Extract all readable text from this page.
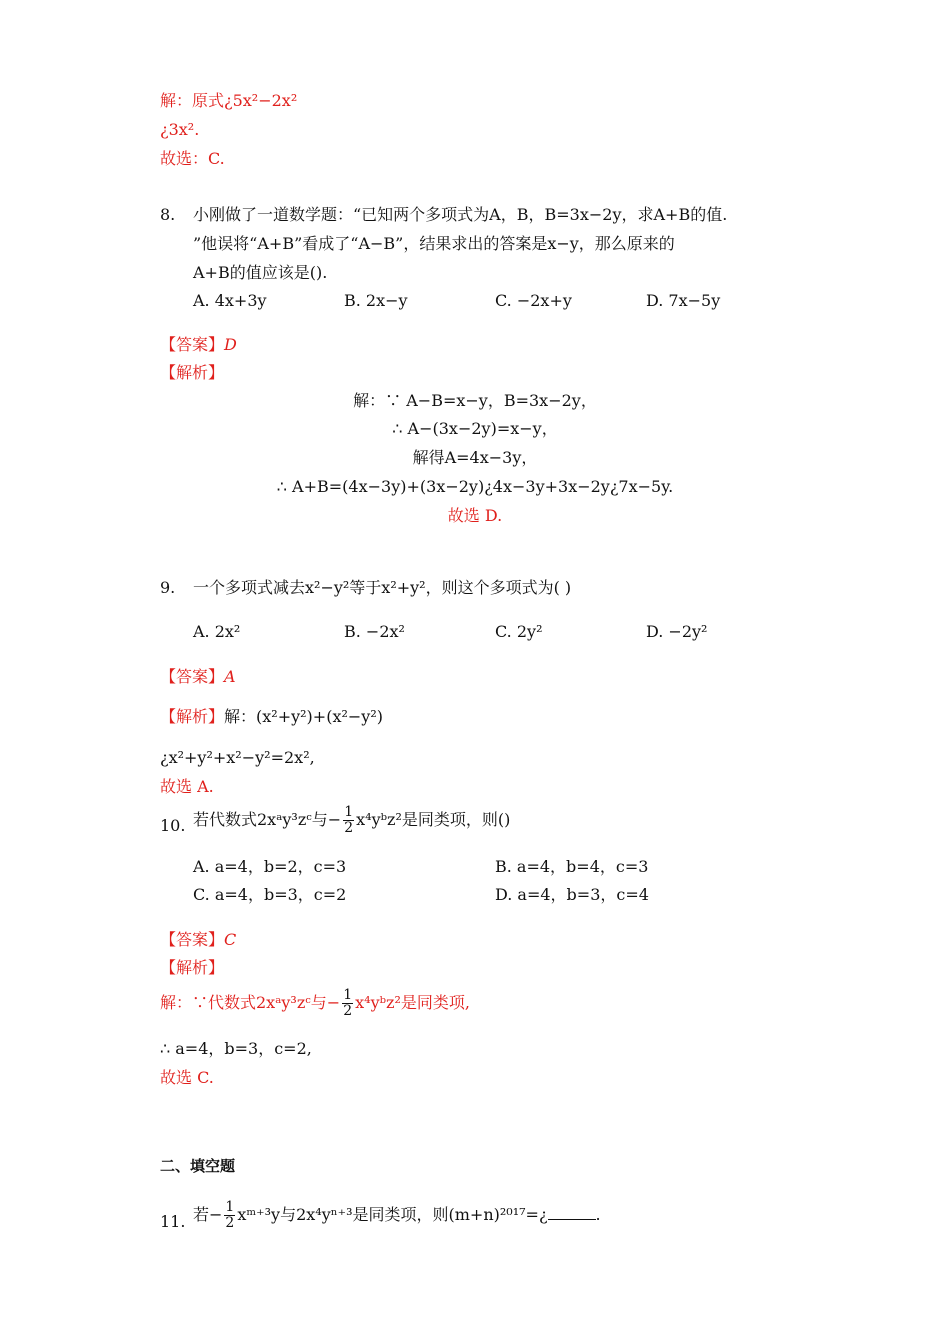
解：原式¿5x²−2x²
¿3x².
故选：C.
8. 小刚做了一道数学题：“已知两个多项式为A，B，B=3x−2y，求A+B的值.
”他误将“A+B”看成了“A−B”，结果求出的答案是x−y，那么原来的
A+B的值应该是().
A. 4x+3y	B. 2x−y	C. −2x+y	D. 7x−5y
【答案】D
【解析】
解：∵ A−B=x−y，B=3x−2y，
∴ A−(3x−2y)=x−y，
解得A=4x−3y，
∴ A+B=(4x−3y)+(3x−2y)¿4x−3y+3x−2y¿7x−5y.
故选 D.
9. 一个多项式减去x²−y²等于x²+y²，则这个多项式为( )
A. 2x²	B. −2x²	C. 2y²	D. −2y²
【答案】A
【解析】解：(x²+y²)+(x²−y²)
¿x²+y²+x²−y²=2x²,
故选 A.
10. 若代数式2xᵃy³zᶜ与− $\frac{1}{2}$ x⁴yᵇz²是同类项，则()
A. a=4，b=2，c=3	B. a=4，b=4，c=3
C. a=4，b=3，c=2	D. a=4，b=3，c=4
【答案】C
【解析】
解：∵代数式2xᵃy³zᶜ与− $\frac{1}{2}$ x⁴yᵇz²是同类项,
∴ a=4，b=3，c=2,
故选 C.
二、填空题
11. 若− $\frac{1}{2}$ xᵐ⁺³y与2x⁴yⁿ⁺³是同类项，则(m+n)²⁰¹⁷=¿	.
